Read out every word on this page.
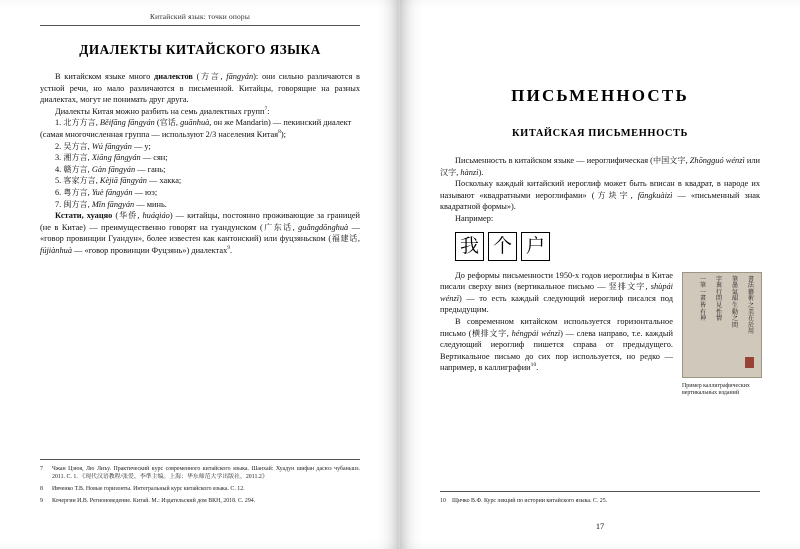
Китайский язык: точки опоры
ДИАЛЕКТЫ КИТАЙСКОГО ЯЗЫКА

В китайском языке много диалектов (方言, fāngyán): они сильно различаются в устной речи, но мало различаются в письменной. Китайцы, говорящие на разных диалектах, могут не понимать друг друга.

Диалекты Китая можно разбить на семь диалектных групп$^7$:

1. 北方方言, Běifāng fāngyán (官话, guānhuà, он же Mandarin) — пекинский диалект (самая многочисленная группа — используют 2/3 населения Китая$^8$);
2. 吴方言, Wú fāngyán — у;
3. 湘方言, Xiāng fāngyán — сян;
4. 赣方言, Gàn fāngyán — гань;
5. 客家方言, Kèjiā fāngyán — хакка;
6. 粤方言, Yuè fāngyán — юэ;
7. 闽方言, Mǐn fāngyán — минь.

Кстати, хуацяо (华侨, huáqiáo) — китайцы, постоянно проживающие за границей (не в Китае) — преимущественно говорят на гуандунском (广东话, guǎngdōnghuà — «говор провинции Гуандун», более известен как кантонский) или фуцзяньском (福建话, fújiànhuà — «говор провинции Фуцзянь») диалектах$^9$.

7	Чжан Цэюя, Лю Лиъу. Практический курс современного китайского языка. Шанхай: Хуадун шифан дасюэ чубаньшэ. 2011. С. 1. 《现代汉语教程/张爱、李準主编。上海：华东师范大学出版社，2011.2》

8	Ивченко Т.В. Новые горизонты. Интегральный курс китайского языка. С. 12.

9	Кочергин И.В. Регионоведение. Китай. М.: Издательский дом ВКН, 2018. С. 294.

ПИСЬМЕННОСТЬ
КИТАЙСКАЯ ПИСЬМЕННОСТЬ

Письменность в китайском языке — иероглифическая (中国文字, Zhōngguó wénzì или 汉字, hànzì).

Поскольку каждый китайский иероглиф может быть вписан в квадрат, в народе их называют «квадратными иероглифами» (方块字, fāngkuàizì — «письменный знак квадратной формы»).

Например:

我 个 户
書法藝術之美在於用
筆墨氣韻生動之間
字裏行間見性情
一筆一畫皆有神
Пример каллиграфических вертикальных изданий

До реформы письменности 1950-х годов иероглифы в Китае писали сверху вниз (вертикальное письмо — 竖排文字, shùpái wénzì) — то есть каждый следующий иероглиф писался под предыдущим.

В современном китайском используется горизонтальное письмо (横排文字, héngpái wénzì) — слева направо, т.е. каждый следующий иероглиф пишется справа от предыдущего. Вертикальное письмо до сих пор используется, но редко — например, в каллиграфии$^{10}$.

10 Щичко В.Ф. Курс лекций по истории китайского языка. С. 25.

17
